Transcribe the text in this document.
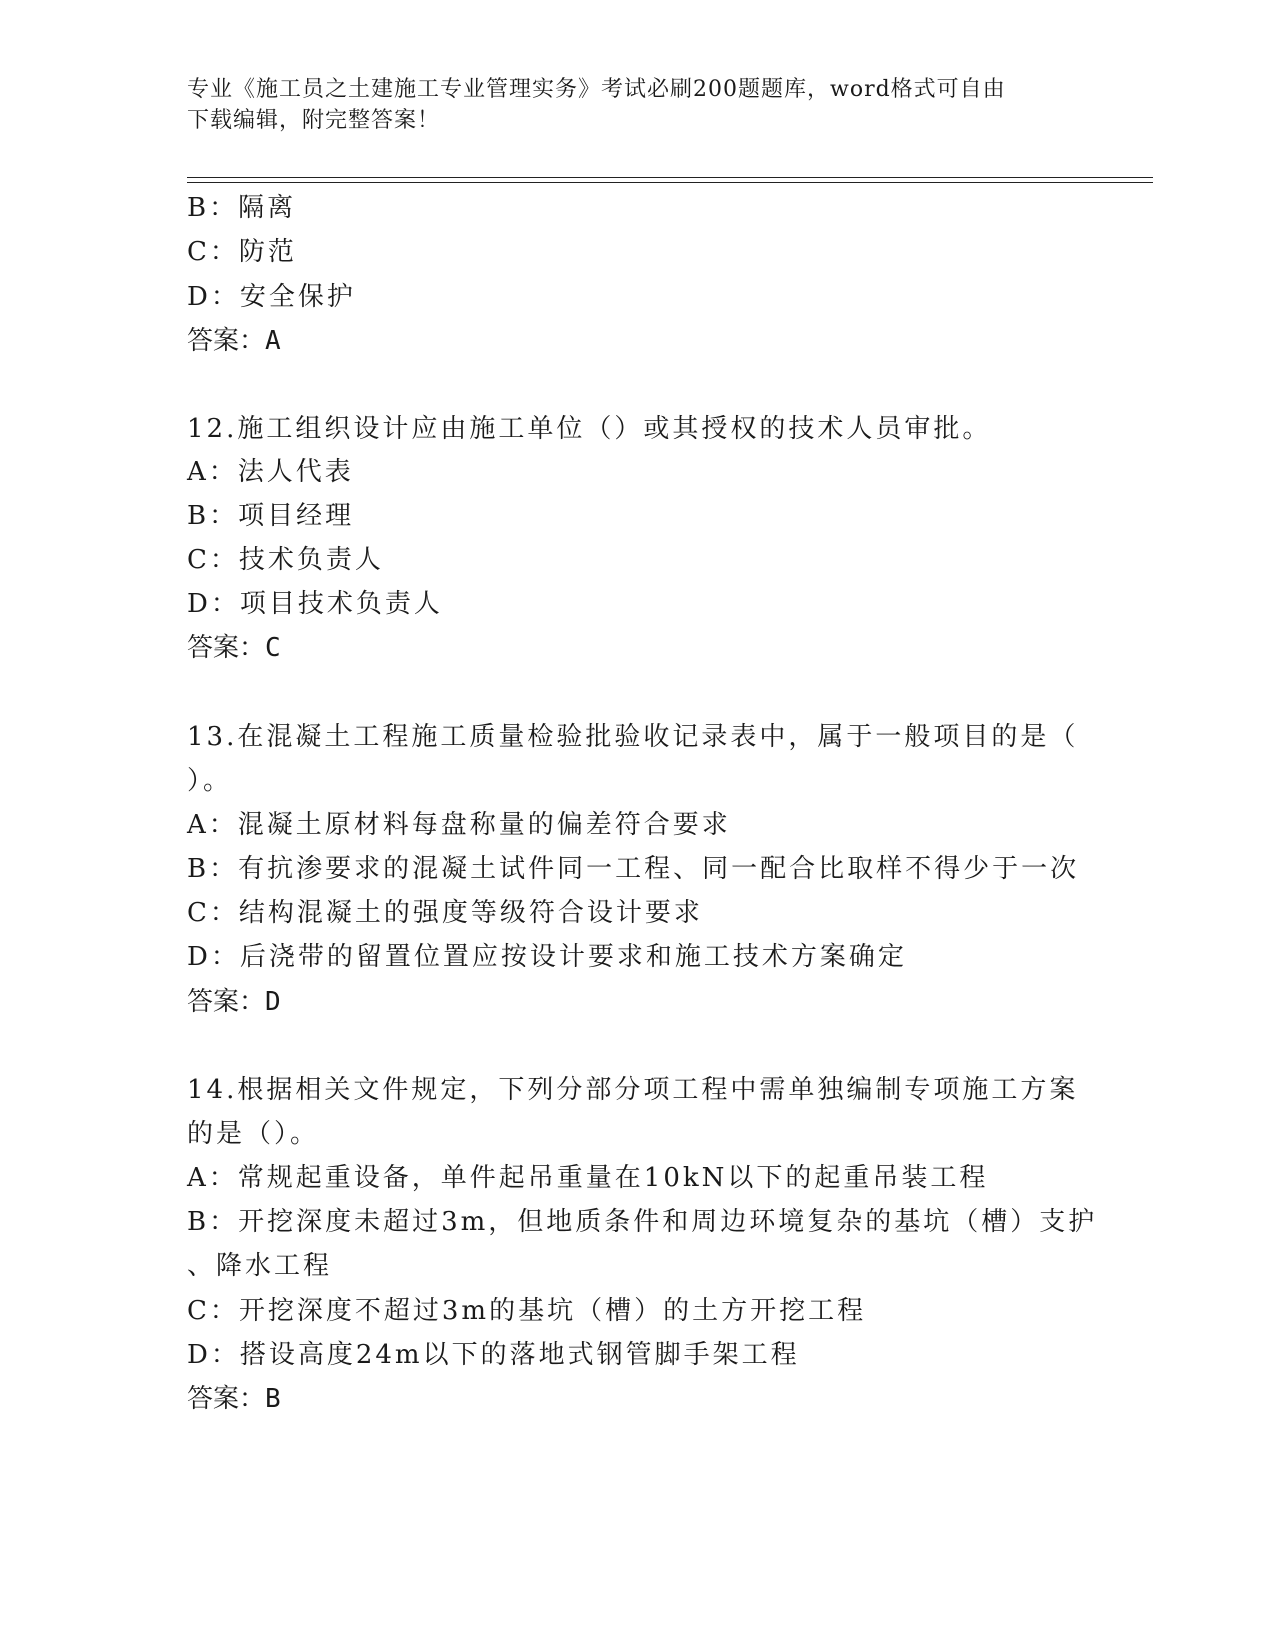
专业《施工员之土建施工专业管理实务》考试必刷200题题库，word格式可自由
下载编辑，附完整答案！
B：隔离
C：防范
D：安全保护
答案：A
12.施工组织设计应由施工单位（）或其授权的技术人员审批。
A：法人代表
B：项目经理
C：技术负责人
D：项目技术负责人
答案：C
13.在混凝土工程施工质量检验批验收记录表中，属于一般项目的是（
）。
A：混凝土原材料每盘称量的偏差符合要求
B：有抗渗要求的混凝土试件同一工程、同一配合比取样不得少于一次
C：结构混凝土的强度等级符合设计要求
D：后浇带的留置位置应按设计要求和施工技术方案确定
答案：D
14.根据相关文件规定，下列分部分项工程中需单独编制专项施工方案
的是（）。
A：常规起重设备，单件起吊重量在10kN以下的起重吊装工程
B：开挖深度未超过3m，但地质条件和周边环境复杂的基坑（槽）支护
、降水工程
C：开挖深度不超过3m的基坑（槽）的土方开挖工程
D：搭设高度24m以下的落地式钢管脚手架工程
答案：B
